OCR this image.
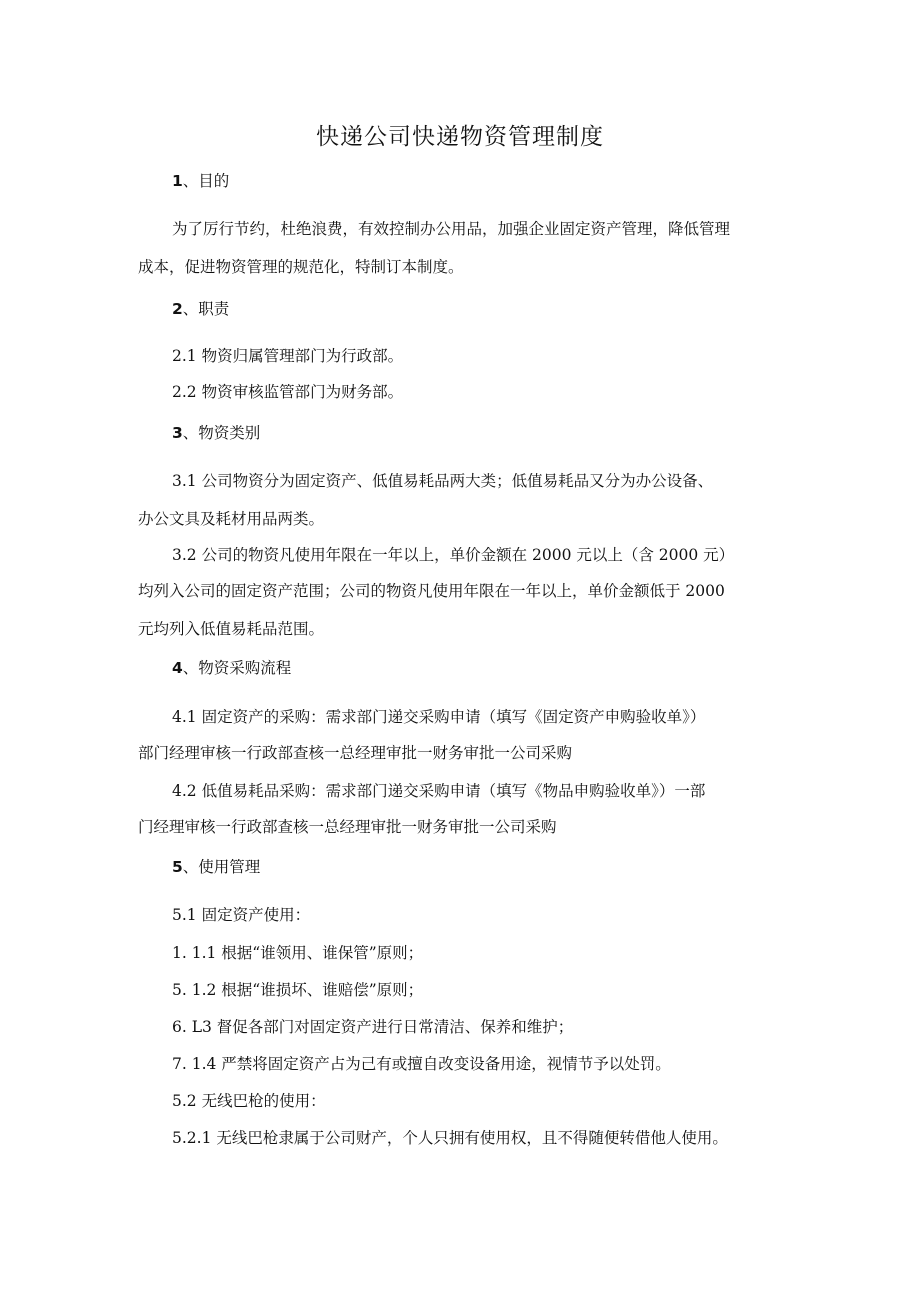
快递公司快递物资管理制度
1、目的
为了厉行节约，杜绝浪费，有效控制办公用品，加强企业固定资产管理，降低管理
成本，促进物资管理的规范化，特制订本制度。
2、职责
2.1 物资归属管理部门为行政部。
2.2 物资审核监管部门为财务部。
3、物资类别
3.1 公司物资分为固定资产、低值易耗品两大类；低值易耗品又分为办公设备、
办公文具及耗材用品两类。
3.2 公司的物资凡使用年限在一年以上，单价金额在 2000 元以上（含 2000 元）
均列入公司的固定资产范围；公司的物资凡使用年限在一年以上，单价金额低于 2000
元均列入低值易耗品范围。
4、物资采购流程
4.1 固定资产的采购：需求部门递交采购申请（填写《固定资产申购验收单》）
部门经理审核一行政部查核一总经理审批一财务审批一公司采购
4.2 低值易耗品采购：需求部门递交采购申请（填写《物品申购验收单》）一部
门经理审核一行政部查核一总经理审批一财务审批一公司采购
5、使用管理
5.1 固定资产使用：
1. 1.1 根据“谁领用、谁保管”原则；
5. 1.2 根据“谁损坏、谁赔偿”原则；
6. L3 督促各部门对固定资产进行日常清洁、保养和维护；
7. 1.4 严禁将固定资产占为己有或擅自改变设备用途，视情节予以处罚。
5.2 无线巴枪的使用：
5.2.1 无线巴枪隶属于公司财产，个人只拥有使用权，且不得随便转借他人使用。
